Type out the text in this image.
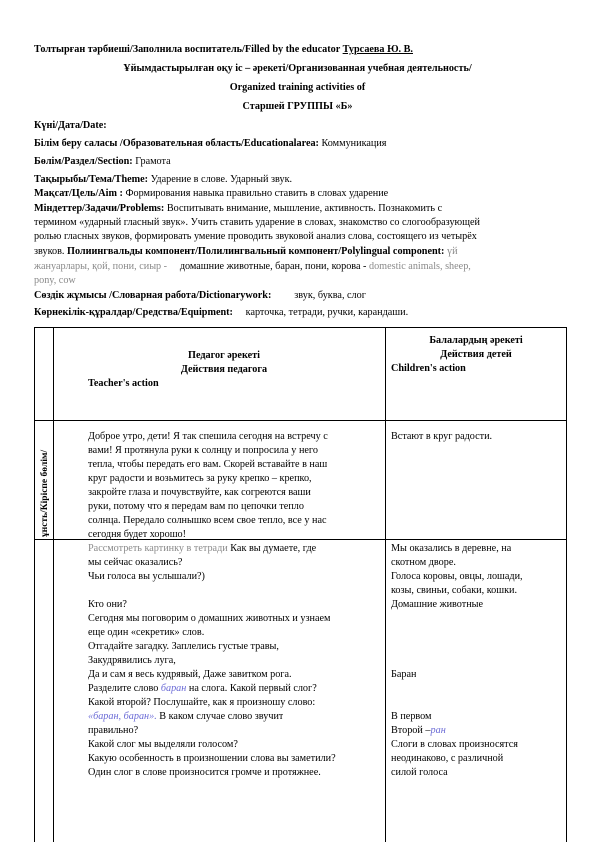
Толтырған тәрбиеші/Заполнила воспитатель/Filled by the educator Турсаева Ю. В.
Ұйымдастырылған оқу іс – әрекеті/Организованная учебная деятельность/
Organized training activities of
Старшей ГРУППЫ «Б»
Күні/Дата/Date:
Білім беру саласы /Образовательная область/Educationalarea: Коммуникация
Бөлім/Раздел/Section: Грамота
Тақырыбы/Тема/Theme: Ударение в слове. Ударный звук.
Мақсат/Цель/Aim : Формирования навыка правильно ставить в словах ударение
Міндеттер/Задачи/Problems: Воспитывать внимание, мышление, активность. Познакомить с
термином «ударный гласный звук». Учить ставить ударение в словах, знакомство со слогообразующей
ролью гласных звуков, формировать умение проводить звуковой анализ слова, состоящего из четырёх
звуков. Полиингвальды компонент/Полилингвальный компонент/Polylingual component: үй
жануарлары, қой, пони, сиыр - домашние животные, баран, пони, корова - domestic animals, sheep,
pony, cow
Сөздік жұмысы /Словарная работа/Dictionarywork: звук, буква, слог
Көрнекілік-құралдар/Средства/Equipment: карточка, тетради, ручки, карандаши.
Педагог әрекеті
Действия педагога
Teacher's action
Балалардың әрекеті
Действия детей
Children's action
ұнсть/Кіріспе бөлім/
Доброе утро, дети! Я так спешила сегодня на встречу с
вами! Я протянула руки к солнцу и попросила у него
тепла, чтобы передать его вам. Скорей вставайте в наш
круг радости и возьмитесь за руку крепко – крепко,
закройте глаза и почувствуйте, как согреются ваши
руки, потому что я передам вам по цепочки тепло
солнца. Передало солнышко всем свое тепло, все у нас
сегодня будет хорошо!
Встают в круг радости.
Рассмотреть картинку в тетради Как вы думаете, где
мы сейчас оказались?
Чьи голоса вы услышали?)
Кто они?
Сегодня мы поговорим о домашних животных и узнаем
еще один «секретик» слов.
Отгадайте загадку. Заплелись густые травы,
Закудрявились луга,
Да и сам я весь кудрявый, Даже завитком рога.
Разделите слово баран на слога. Какой первый слог?
Какой второй? Послушайте, как я произношу слово:
«баран, баран». В каком случае слово звучит
правильно?
Какой слог мы выделяли голосом?
Какую особенность в произношении слова вы заметили?
Один слог в слове произносится громче и протяжнее.
Мы оказались в деревне, на
скотном дворе.
Голоса коровы, овцы, лошади,
козы, свиньи, собаки, кошки.
Домашние животные
Баран
В первом
Второй –ран
Слоги в словах произносятся
неодинаково, с различной
силой голоса
